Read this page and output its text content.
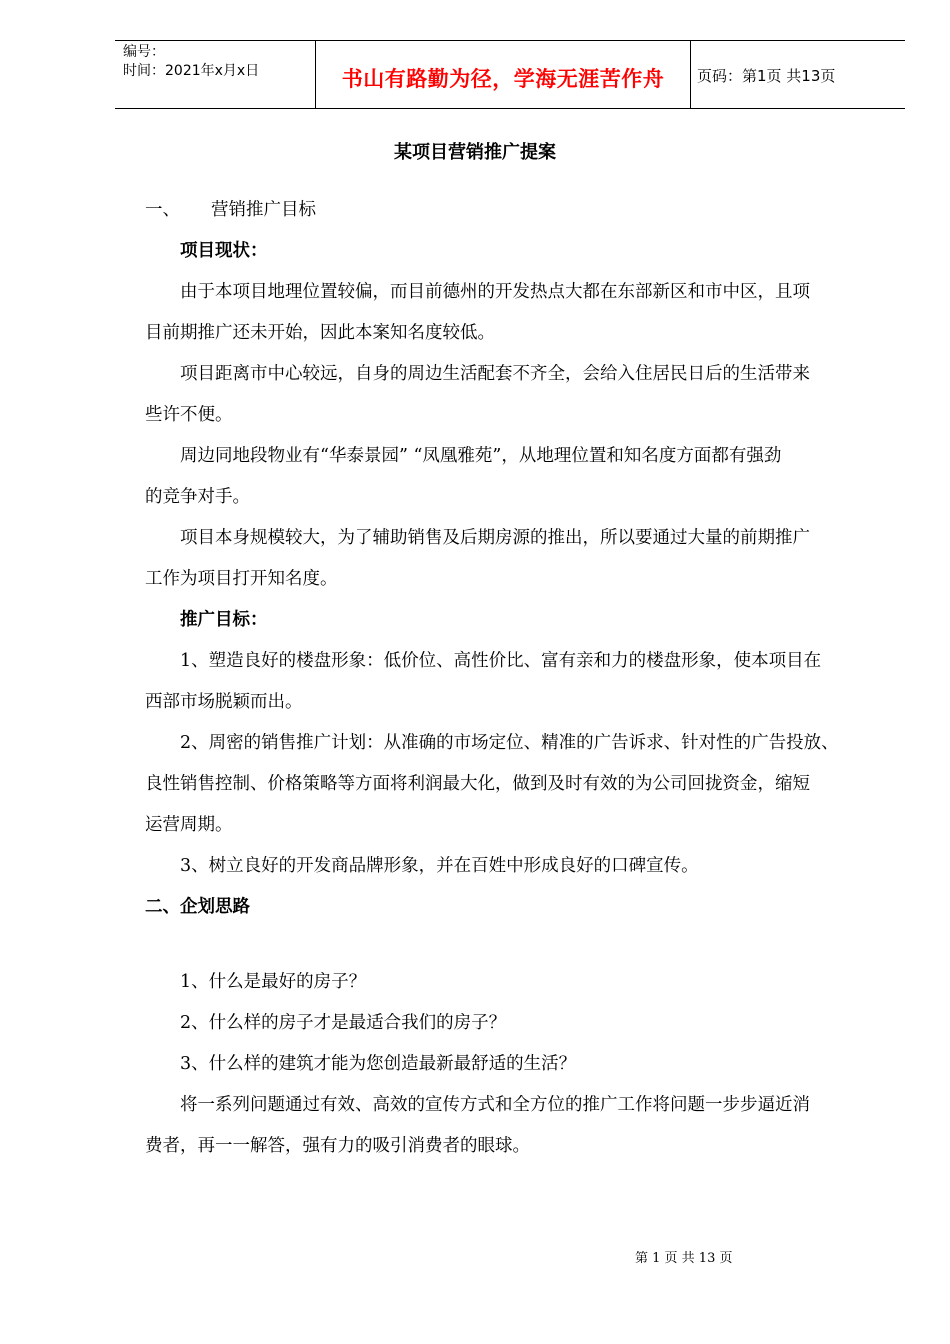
编号：
时间：2021年x月x日	书山有路勤为径，学海无涯苦作舟	页码：第1页 共13页
某项目营销推广提案
一、 营销推广目标
项目现状：
由于本项目地理位置较偏，而目前德州的开发热点大都在东部新区和市中区，且项
目前期推广还未开始，因此本案知名度较低。
项目距离市中心较远，自身的周边生活配套不齐全，会给入住居民日后的生活带来
些许不便。
周边同地段物业有“华泰景园” “凤凰雅苑”，从地理位置和知名度方面都有强劲
的竞争对手。
项目本身规模较大，为了辅助销售及后期房源的推出，所以要通过大量的前期推广
工作为项目打开知名度。
推广目标：
1、塑造良好的楼盘形象：低价位、高性价比、富有亲和力的楼盘形象，使本项目在
西部市场脱颖而出。
2、周密的销售推广计划：从准确的市场定位、精准的广告诉求、针对性的广告投放、
良性销售控制、价格策略等方面将利润最大化，做到及时有效的为公司回拢资金，缩短
运营周期。
3、树立良好的开发商品牌形象，并在百姓中形成良好的口碑宣传。
二、企划思路
1、什么是最好的房子？
2、什么样的房子才是最适合我们的房子？
3、什么样的建筑才能为您创造最新最舒适的生活？
将一系列问题通过有效、高效的宣传方式和全方位的推广工作将问题一步步逼近消
费者，再一一解答，强有力的吸引消费者的眼球。
第 1 页 共 13 页
